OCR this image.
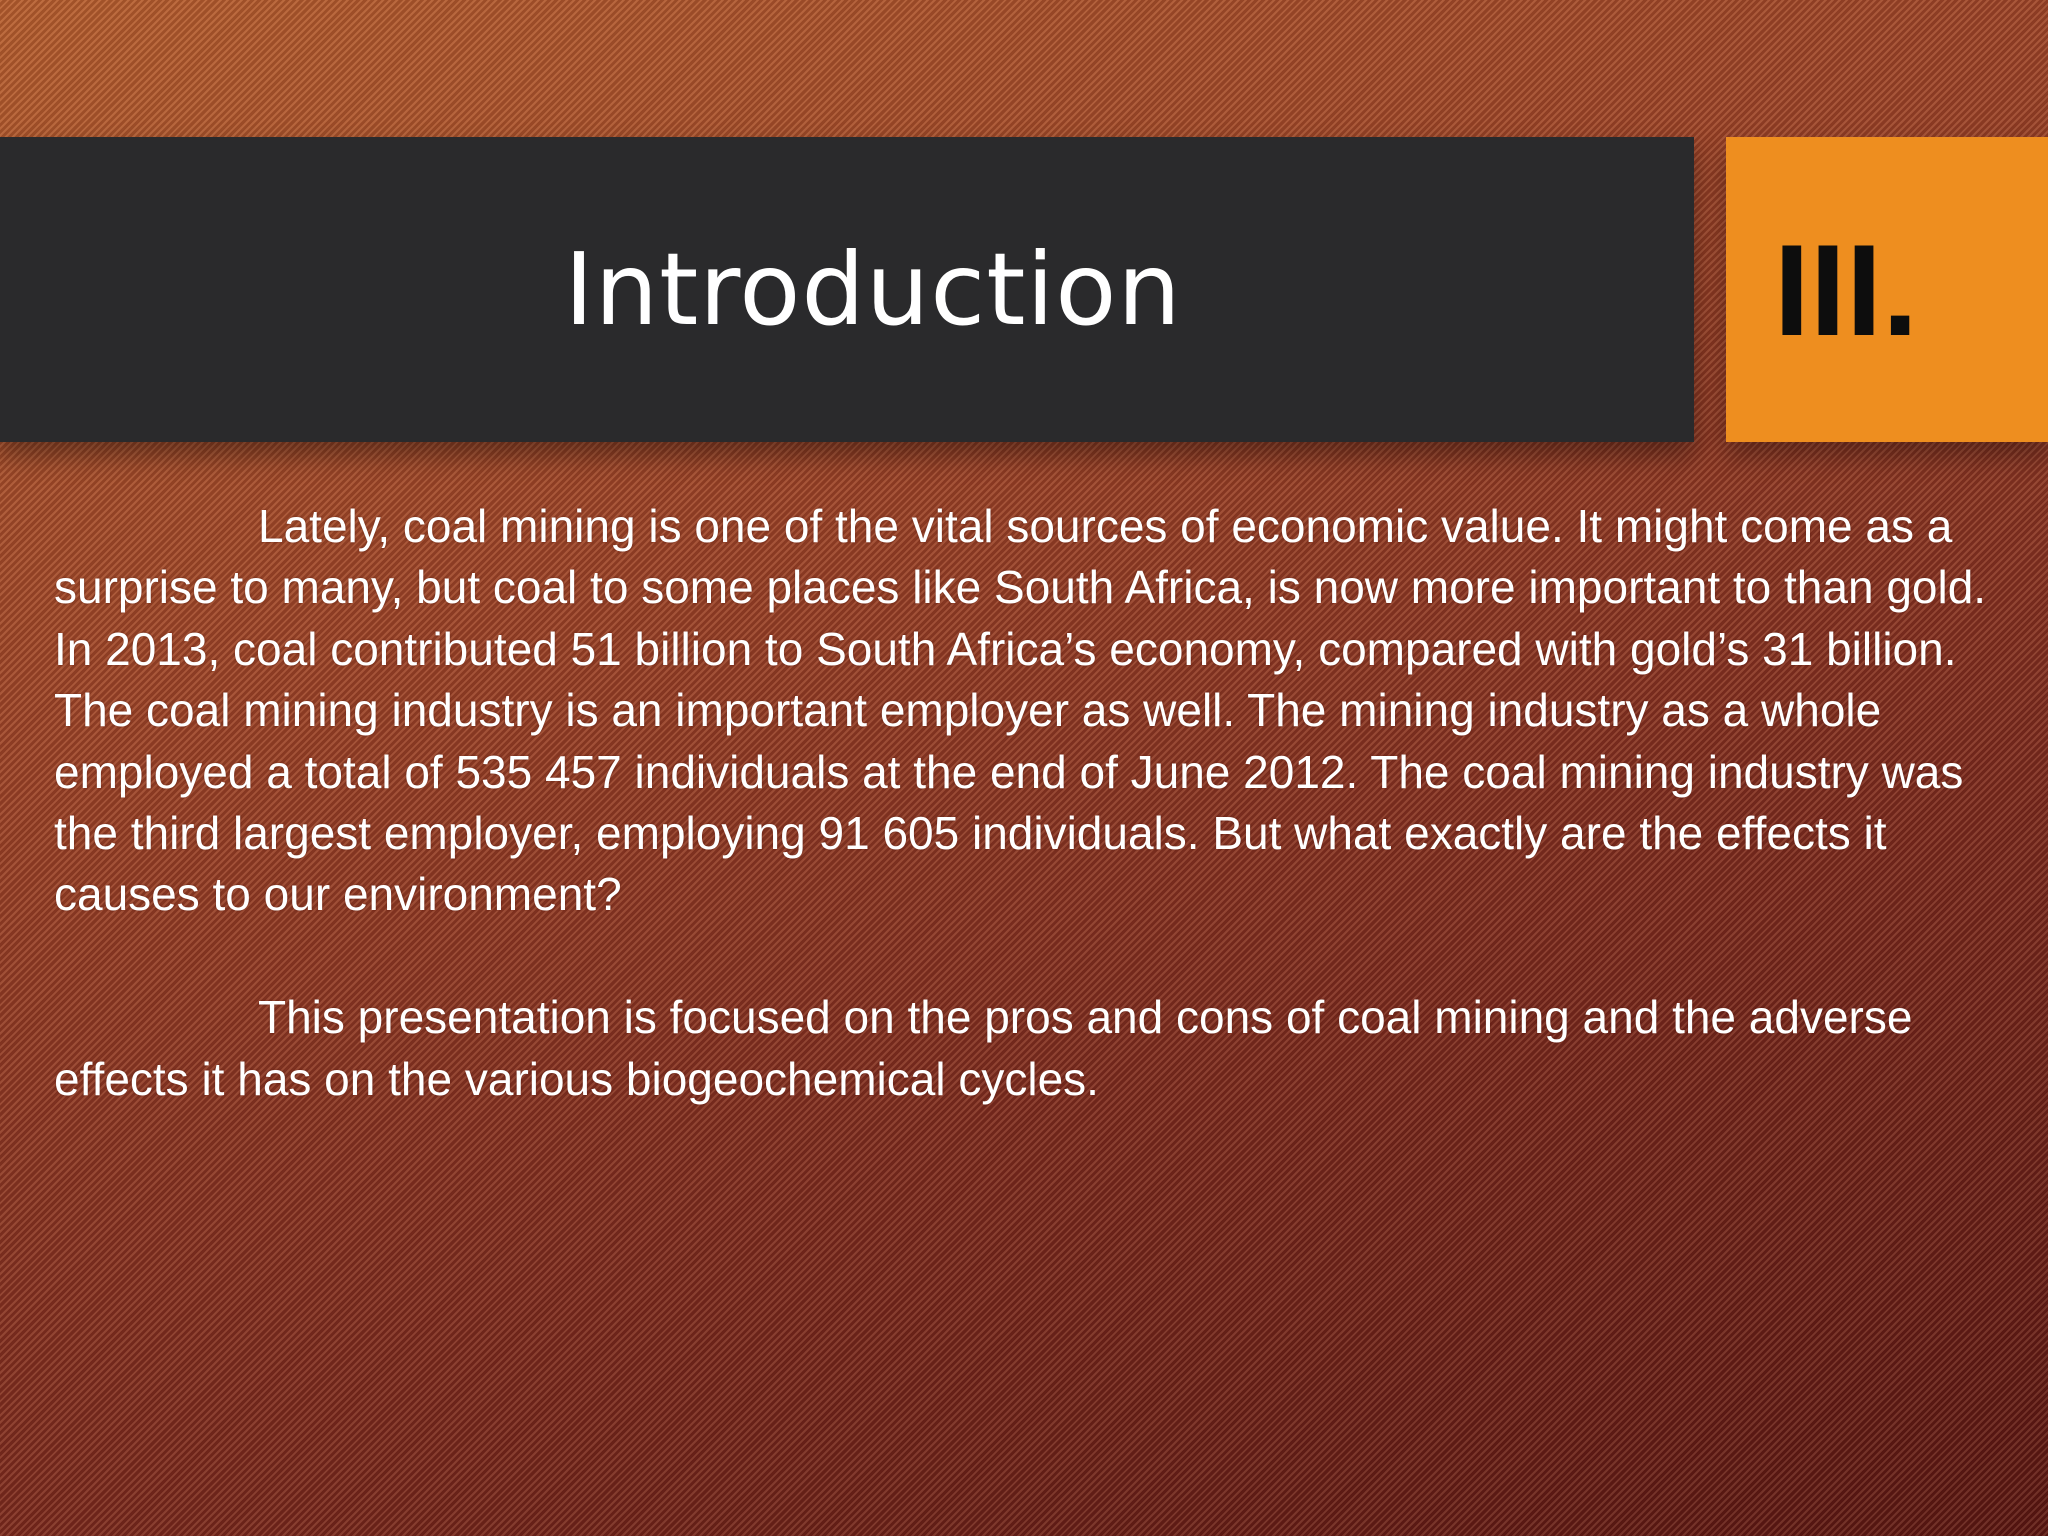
Introduction	III.

Lately, coal mining is one of the vital sources of economic value. It might come as a surprise to many, but coal to some places like South Africa, is now more important to than gold. In 2013, coal contributed 51 billion to South Africa’s economy, compared with gold’s 31 billion. The coal mining industry is an important employer as well. The mining industry as a whole employed a total of 535 457 individuals at the end of June 2012. The coal mining industry was the third largest employer, employing 91 605 individuals. But what exactly are the effects it causes to our environment?

This presentation is focused on the pros and cons of coal mining and the adverse effects it has on the various biogeochemical cycles.
